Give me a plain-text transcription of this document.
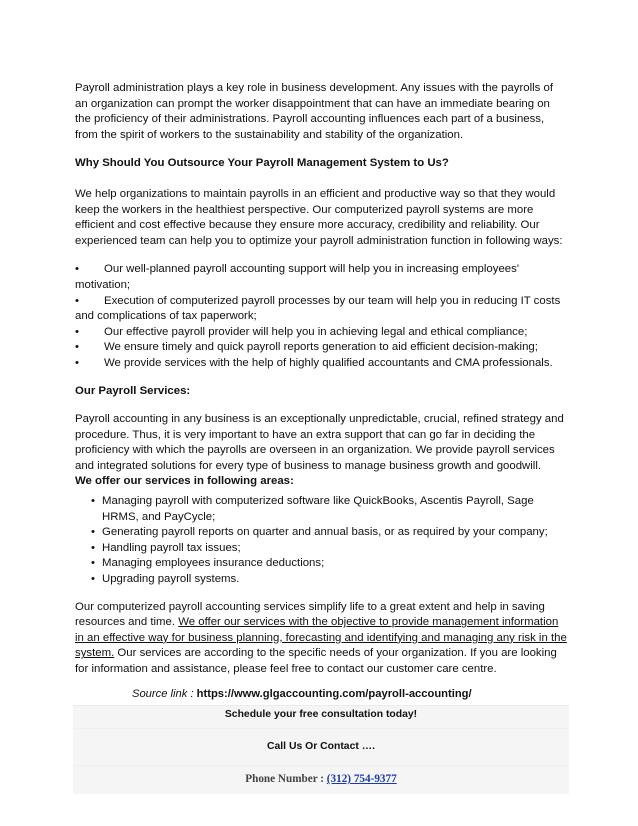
Payroll administration plays a key role in business development. Any issues with the payrolls of an organization can prompt the worker disappointment that can have an immediate bearing on the proficiency of their administrations. Payroll accounting influences each part of a business, from the spirit of workers to the sustainability and stability of the organization.

Why Should You Outsource Your Payroll Management System to Us?

We help organizations to maintain payrolls in an efficient and productive way so that they would keep the workers in the healthiest perspective. Our computerized payroll systems are more efficient and cost effective because they ensure more accuracy, credibility and reliability. Our experienced team can help you to optimize your payroll administration function in following ways:

• Our well-planned payroll accounting support will help you in increasing employees' motivation;
• Execution of computerized payroll processes by our team will help you in reducing IT costs and complications of tax paperwork;
• Our effective payroll provider will help you in achieving legal and ethical compliance;
• We ensure timely and quick payroll reports generation to aid efficient decision-making;
• We provide services with the help of highly qualified accountants and CMA professionals.

Our Payroll Services:

Payroll accounting in any business is an exceptionally unpredictable, crucial, refined strategy and procedure. Thus, it is very important to have an extra support that can go far in deciding the proficiency with which the payrolls are overseen in an organization. We provide payroll services and integrated solutions for every type of business to manage business growth and goodwill.

We offer our services in following areas:

• Managing payroll with computerized software like QuickBooks, Ascentis Payroll, Sage HRMS, and PayCycle;
• Generating payroll reports on quarter and annual basis, or as required by your company;
• Handling payroll tax issues;
• Managing employees insurance deductions;
• Upgrading payroll systems.

Our computerized payroll accounting services simplify life to a great extent and help in saving resources and time. We offer our services with the objective to provide management information in an effective way for business planning, forecasting and identifying and managing any risk in the system. Our services are according to the specific needs of your organization. If you are looking for information and assistance, please feel free to contact our customer care centre.

Source link : https://www.glgaccounting.com/payroll-accounting/

Schedule your free consultation today!
Call Us Or Contact ….
Phone Number : (312) 754-9377
